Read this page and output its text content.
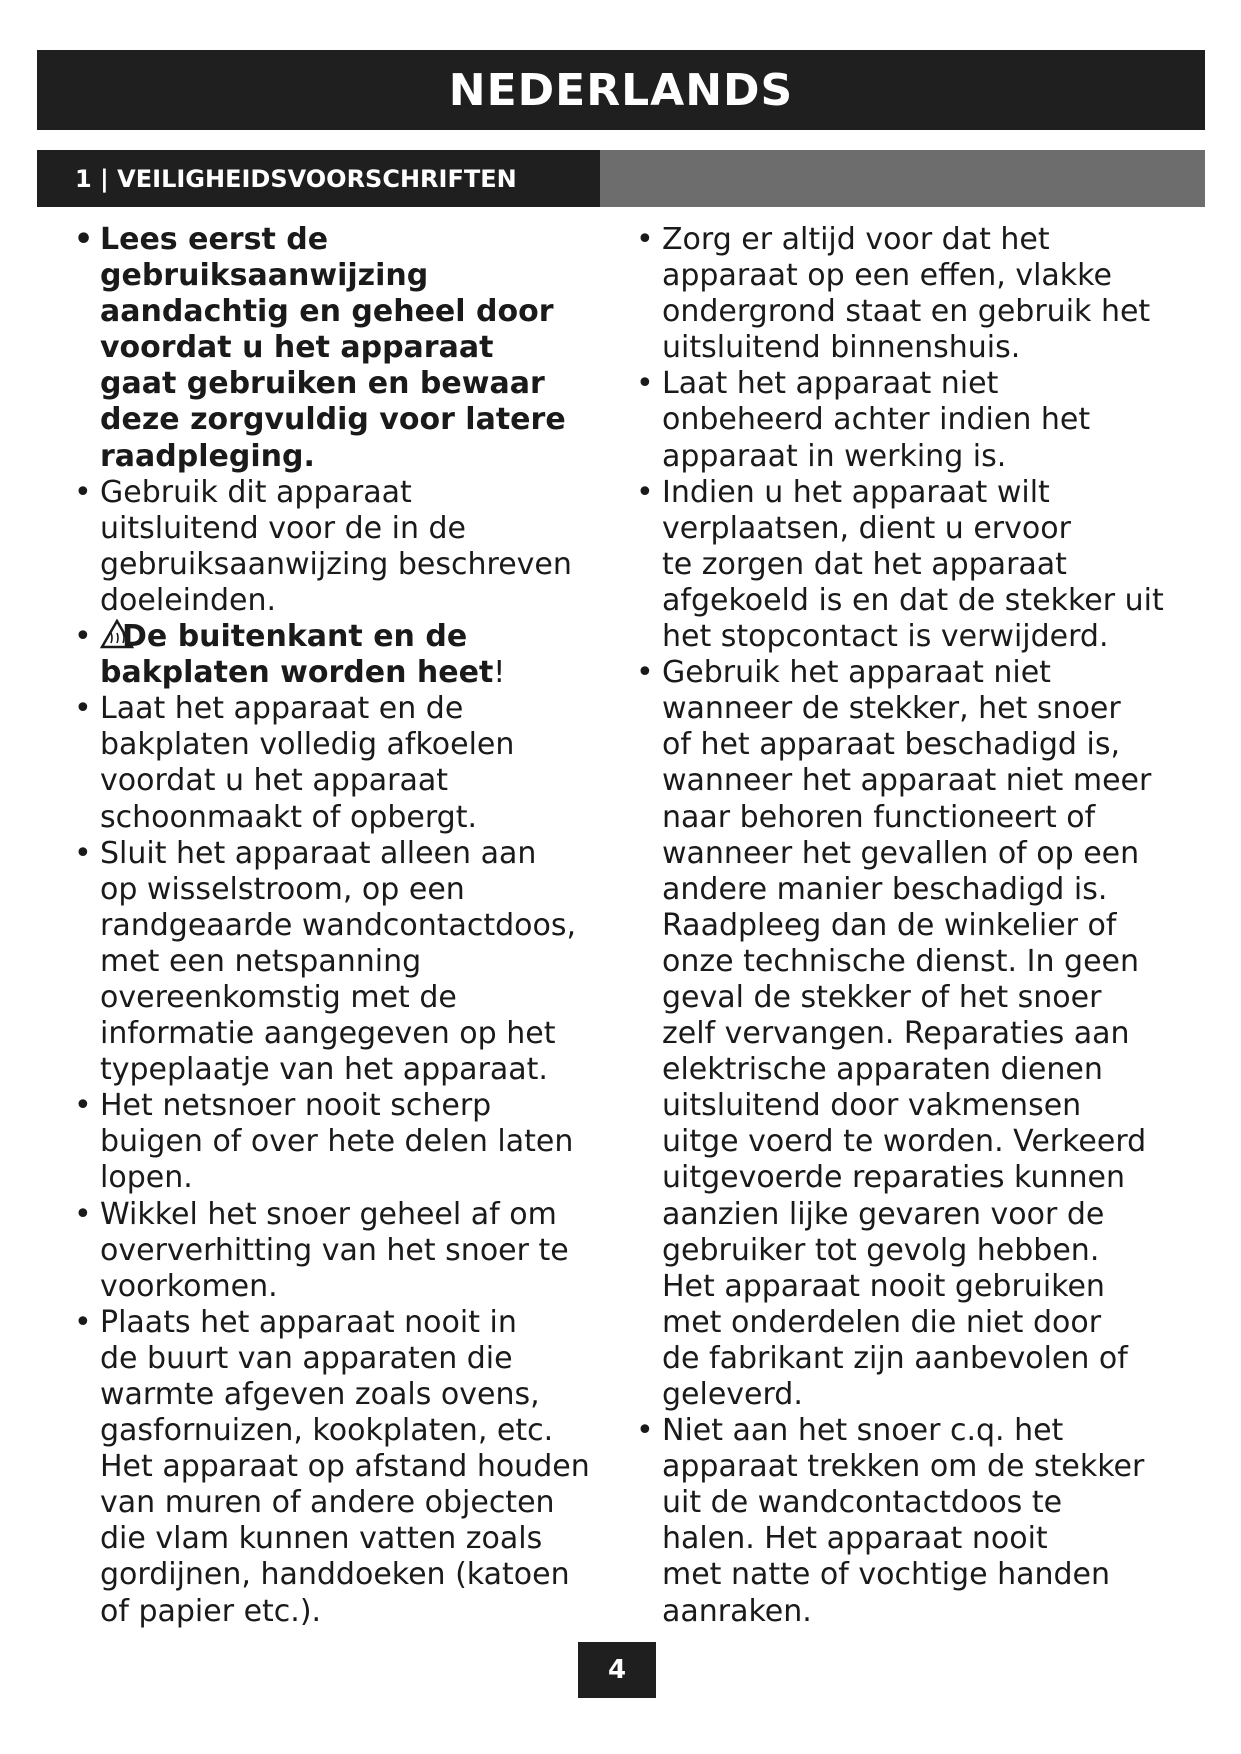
NEDERLANDS
1 | VEILIGHEIDSVOORSCHRIFTEN
• Lees eerst de
gebruiksaanwijzing
aandachtig en geheel door
voordat u het apparaat
gaat gebruiken en bewaar
deze zorgvuldig voor latere
raadpleging.
• Gebruik dit apparaat
uitsluitend voor de in de
gebruiksaanwijzing beschreven
doeleinden.
• De buitenkant en de
bakplaten worden heet!
• Laat het apparaat en de
bakplaten volledig afkoelen
voordat u het apparaat
schoonmaakt of opbergt.
• Sluit het apparaat alleen aan
op wisselstroom, op een
randgeaarde wandcontactdoos,
met een netspanning
overeenkomstig met de
informatie aangegeven op het
typeplaatje van het apparaat.
• Het netsnoer nooit scherp
buigen of over hete delen laten
lopen.
• Wikkel het snoer geheel af om
oververhitting van het snoer te
voorkomen.
• Plaats het apparaat nooit in
de buurt van apparaten die
warmte afgeven zoals ovens,
gasfornuizen, kookplaten, etc.
Het apparaat op afstand houden
van muren of andere objecten
die vlam kunnen vatten zoals
gordijnen, handdoeken (katoen
of papier etc.).
• Zorg er altijd voor dat het
apparaat op een effen, vlakke
ondergrond staat en gebruik het
uitsluitend binnenshuis.
• Laat het apparaat niet
onbeheerd achter indien het
apparaat in werking is.
• Indien u het apparaat wilt
verplaatsen, dient u ervoor
te zorgen dat het apparaat
afgekoeld is en dat de stekker uit
het stopcontact is verwijderd.
• Gebruik het apparaat niet
wanneer de stekker, het snoer
of het apparaat beschadigd is,
wanneer het apparaat niet meer
naar behoren functioneert of
wanneer het gevallen of op een
andere manier beschadigd is.
Raadpleeg dan de winkelier of
onze technische dienst. In geen
geval de stekker of het snoer
zelf vervangen. Reparaties aan
elektrische apparaten dienen
uitsluitend door vakmensen
uitge voerd te worden. Verkeerd
uitgevoerde reparaties kunnen
aanzien lijke gevaren voor de
gebruiker tot gevolg hebben.
Het apparaat nooit gebruiken
met onderdelen die niet door
de fabrikant zijn aanbevolen of
geleverd.
• Niet aan het snoer c.q. het
apparaat trekken om de stekker
uit de wandcontactdoos te
halen. Het apparaat nooit
met natte of vochtige handen
aanraken.
4
